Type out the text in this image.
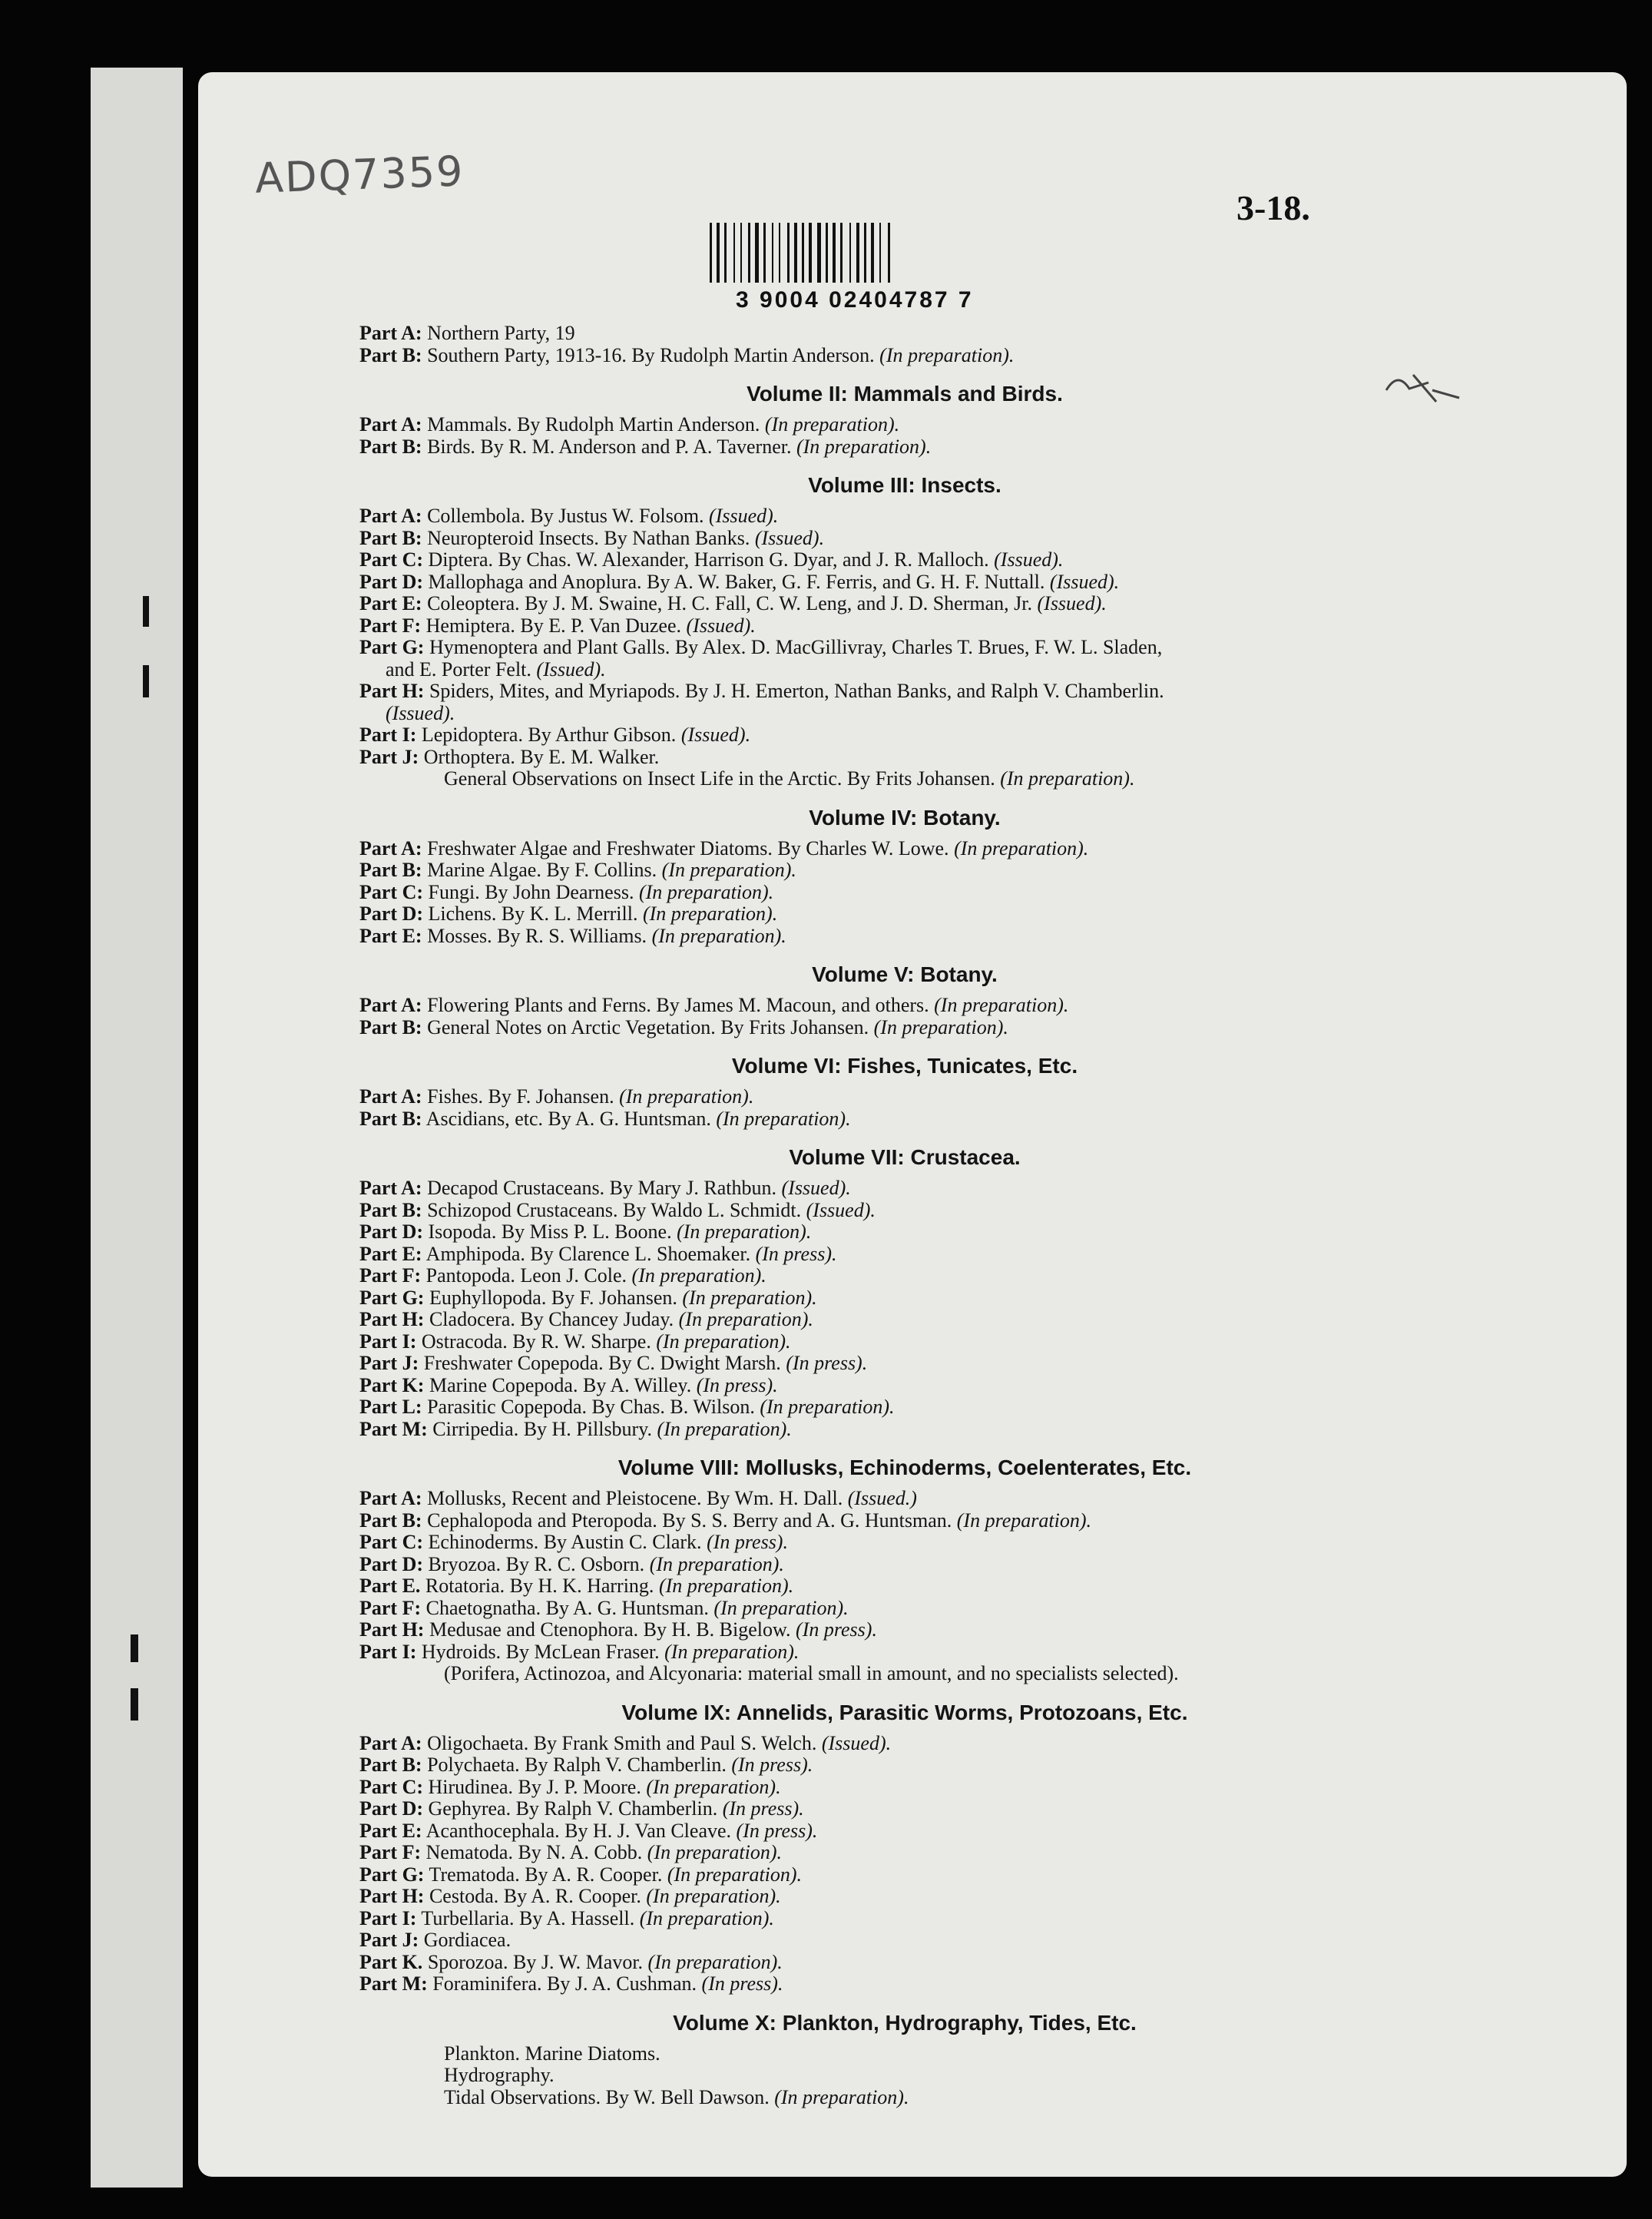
ADQ7359
3-18.
3 9004 02404787 7
Part A: Northern Party, 19
Part B: Southern Party, 1913-16. By Rudolph Martin Anderson. (In preparation).
Volume II: Mammals and Birds.
Part A: Mammals. By Rudolph Martin Anderson. (In preparation).
Part B: Birds. By R. M. Anderson and P. A. Taverner. (In preparation).
Volume III: Insects.
Part A: Collembola. By Justus W. Folsom. (Issued).
Part B: Neuropteroid Insects. By Nathan Banks. (Issued).
Part C: Diptera. By Chas. W. Alexander, Harrison G. Dyar, and J. R. Malloch. (Issued).
Part D: Mallophaga and Anoplura. By A. W. Baker, G. F. Ferris, and G. H. F. Nuttall. (Issued).
Part E: Coleoptera. By J. M. Swaine, H. C. Fall, C. W. Leng, and J. D. Sherman, Jr. (Issued).
Part F: Hemiptera. By E. P. Van Duzee. (Issued).
Part G: Hymenoptera and Plant Galls. By Alex. D. MacGillivray, Charles T. Brues, F. W. L. Sladen,
and E. Porter Felt. (Issued).
Part H: Spiders, Mites, and Myriapods. By J. H. Emerton, Nathan Banks, and Ralph V. Chamberlin.
(Issued).
Part I: Lepidoptera. By Arthur Gibson. (Issued).
Part J: Orthoptera. By E. M. Walker.
General Observations on Insect Life in the Arctic. By Frits Johansen. (In preparation).
Volume IV: Botany.
Part A: Freshwater Algae and Freshwater Diatoms. By Charles W. Lowe. (In preparation).
Part B: Marine Algae. By F. Collins. (In preparation).
Part C: Fungi. By John Dearness. (In preparation).
Part D: Lichens. By K. L. Merrill. (In preparation).
Part E: Mosses. By R. S. Williams. (In preparation).
Volume V: Botany.
Part A: Flowering Plants and Ferns. By James M. Macoun, and others. (In preparation).
Part B: General Notes on Arctic Vegetation. By Frits Johansen. (In preparation).
Volume VI: Fishes, Tunicates, Etc.
Part A: Fishes. By F. Johansen. (In preparation).
Part B: Ascidians, etc. By A. G. Huntsman. (In preparation).
Volume VII: Crustacea.
Part A: Decapod Crustaceans. By Mary J. Rathbun. (Issued).
Part B: Schizopod Crustaceans. By Waldo L. Schmidt. (Issued).
Part D: Isopoda. By Miss P. L. Boone. (In preparation).
Part E: Amphipoda. By Clarence L. Shoemaker. (In press).
Part F: Pantopoda. Leon J. Cole. (In preparation).
Part G: Euphyllopoda. By F. Johansen. (In preparation).
Part H: Cladocera. By Chancey Juday. (In preparation).
Part I: Ostracoda. By R. W. Sharpe. (In preparation).
Part J: Freshwater Copepoda. By C. Dwight Marsh. (In press).
Part K: Marine Copepoda. By A. Willey. (In press).
Part L: Parasitic Copepoda. By Chas. B. Wilson. (In preparation).
Part M: Cirripedia. By H. Pillsbury. (In preparation).
Volume VIII: Mollusks, Echinoderms, Coelenterates, Etc.
Part A: Mollusks, Recent and Pleistocene. By Wm. H. Dall. (Issued.)
Part B: Cephalopoda and Pteropoda. By S. S. Berry and A. G. Huntsman. (In preparation).
Part C: Echinoderms. By Austin C. Clark. (In press).
Part D: Bryozoa. By R. C. Osborn. (In preparation).
Part E. Rotatoria. By H. K. Harring. (In preparation).
Part F: Chaetognatha. By A. G. Huntsman. (In preparation).
Part H: Medusae and Ctenophora. By H. B. Bigelow. (In press).
Part I: Hydroids. By McLean Fraser. (In preparation).
(Porifera, Actinozoa, and Alcyonaria: material small in amount, and no specialists selected).
Volume IX: Annelids, Parasitic Worms, Protozoans, Etc.
Part A: Oligochaeta. By Frank Smith and Paul S. Welch. (Issued).
Part B: Polychaeta. By Ralph V. Chamberlin. (In press).
Part C: Hirudinea. By J. P. Moore. (In preparation).
Part D: Gephyrea. By Ralph V. Chamberlin. (In press).
Part E: Acanthocephala. By H. J. Van Cleave. (In press).
Part F: Nematoda. By N. A. Cobb. (In preparation).
Part G: Trematoda. By A. R. Cooper. (In preparation).
Part H: Cestoda. By A. R. Cooper. (In preparation).
Part I: Turbellaria. By A. Hassell. (In preparation).
Part J: Gordiacea.
Part K. Sporozoa. By J. W. Mavor. (In preparation).
Part M: Foraminifera. By J. A. Cushman. (In press).
Volume X: Plankton, Hydrography, Tides, Etc.
Plankton. Marine Diatoms.
Hydrography.
Tidal Observations. By W. Bell Dawson. (In preparation).
